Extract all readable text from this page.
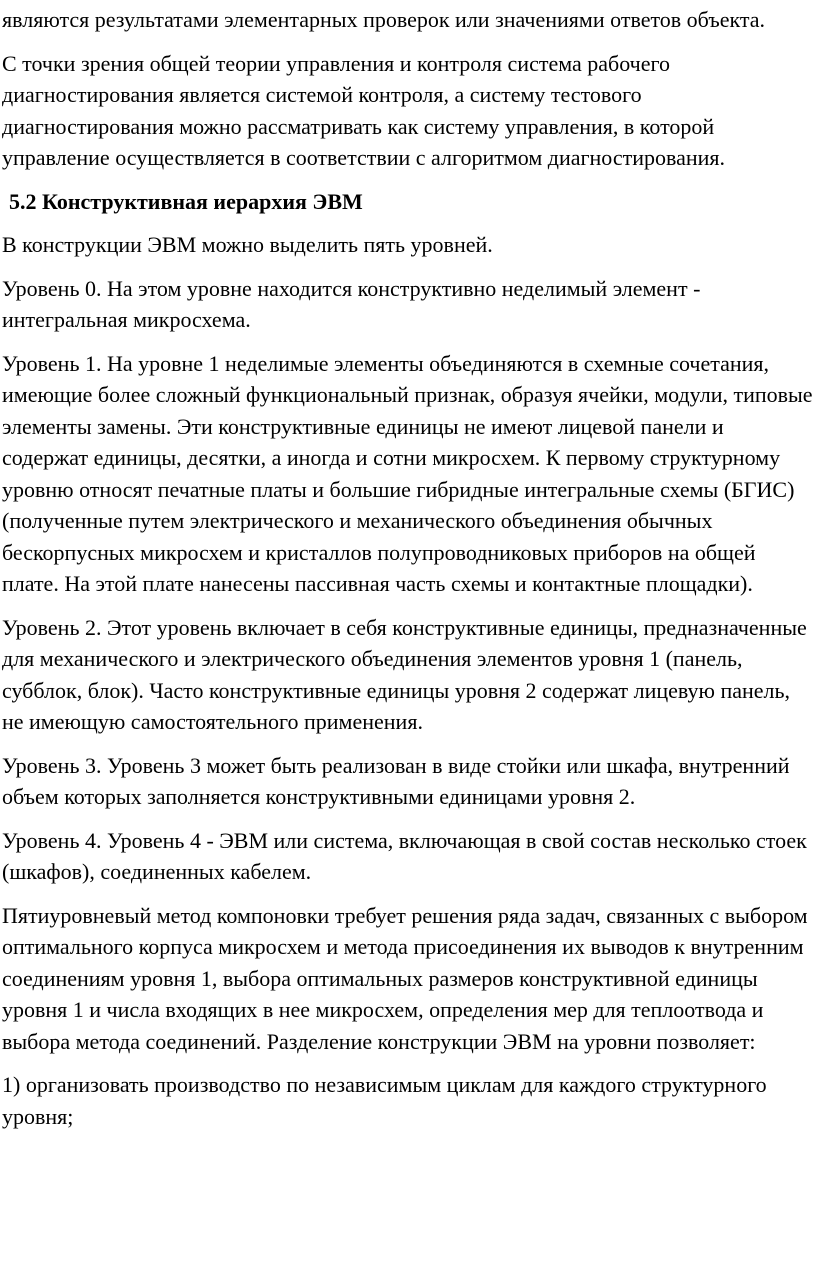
являются результатами элементарных проверок или значениями ответов объекта.

С точки зрения общей теории управления и контроля система рабочего диагностирования является системой контроля, а систему тестового диагностирования можно рассматривать как систему управления, в которой управление осуществляется в соответствии с алгоритмом диагностирования.

5.2 Конструктивная иерархия ЭВМ

В конструкции ЭВМ можно выделить пять уровней.

Уровень 0. На этом уровне находится конструктивно неделимый элемент - интегральная микросхема.

Уровень 1. На уровне 1 неделимые элементы объединяются в схемные сочетания, имеющие более сложный функциональный признак, образуя ячейки, модули, типовые элементы замены. Эти конструктивные единицы не имеют лицевой панели и содержат единицы, десятки, а иногда и сотни микросхем. К первому структурному уровню относят печатные платы и большие гибридные интегральные схемы (БГИС) (полученные путем электрического и механического объединения обычных бескорпусных микросхем и кристаллов полупроводниковых приборов на общей плате. На этой плате нанесены пассивная часть схемы и контактные площадки).

Уровень 2. Этот уровень включает в себя конструктивные единицы, предназначенные для механического и электрического объединения элементов уровня 1 (панель, субблок, блок). Часто конструктивные единицы уровня 2 содержат лицевую панель, не имеющую самостоятельного применения.

Уровень 3. Уровень 3 может быть реализован в виде стойки или шкафа, внутренний объем которых заполняется конструктивными единицами уровня 2.

Уровень 4. Уровень 4 - ЭВМ или система, включающая в свой состав несколько стоек (шкафов), соединенных кабелем.

Пятиуровневый метод компоновки требует решения ряда задач, связанных с выбором оптимального корпуса микросхем и метода присоединения их выводов к внутренним соединениям уровня 1, выбора оптимальных размеров конструктивной единицы уровня 1 и числа входящих в нее микросхем, определения мер для теплоотвода и выбора метода соединений. Разделение конструкции ЭВМ на уровни позволяет:

1) организовать производство по независимым циклам для каждого структурного уровня;
